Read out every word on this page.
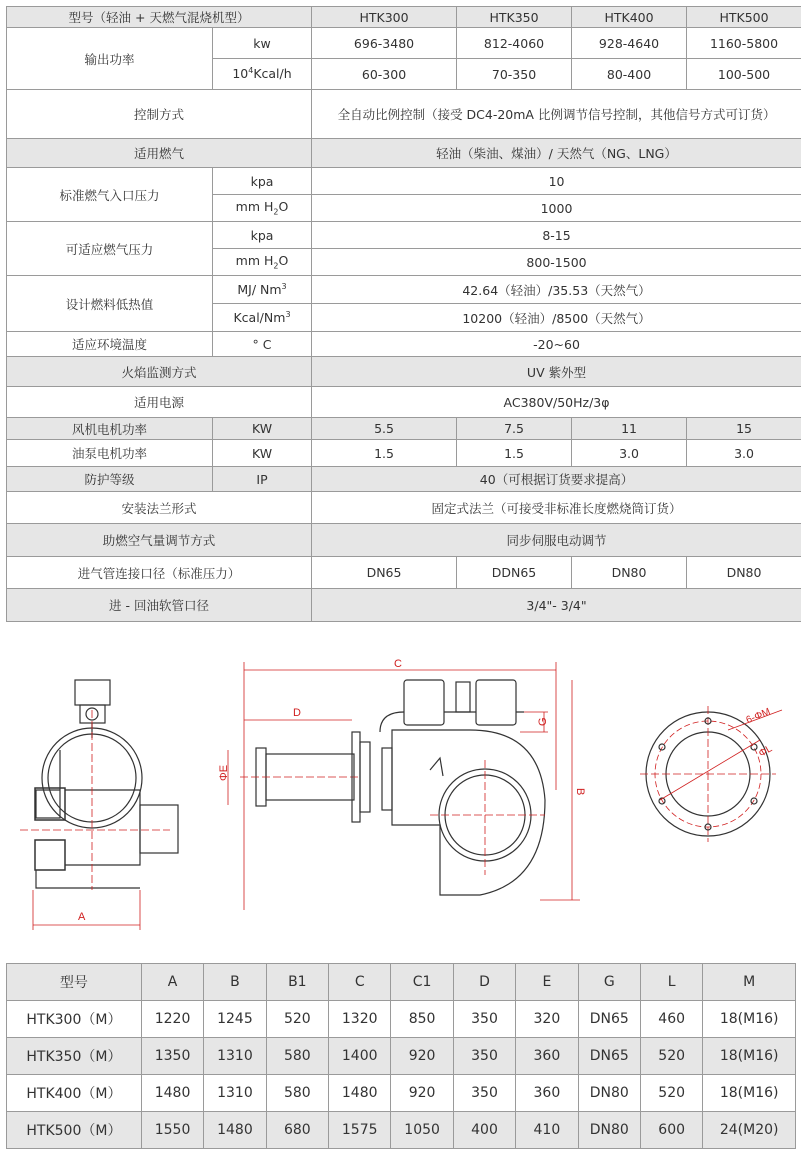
型号（轻油 + 天燃气混烧机型）		HTK300	HTK350	HTK400	HTK500
输出功率	kw	696-3480	812-4060	928-4640	1160-5800
	$10^4Kcal/h$	60-300	70-350	80-400	100-500
控制方式		全自动比例控制（接受 DC4-20mA 比例调节信号控制，其他信号方式可订货）			
适用燃气		轻油（柴油、煤油）/ 天然气（NG、LNG）			
标准燃气入口压力	kpa	10			
	mm $H_2O$	1000			
可适应燃气压力	kpa	8-15			
	mm $H_2O$	800-1500			
设计燃料低热值	MJ/ Nm$^3$	42.64（轻油）/35.53（天然气）			
	Kcal/Nm$^3$	10200（轻油）/8500（天然气）			
适应环境温度	° C	-20~60			
火焰监测方式		UV 紫外型			
适用电源		AC380V/50Hz/3φ			
风机电机功率	KW	5.5	7.5	11	15
油泵电机功率	KW	1.5	1.5	3.0	3.0
防护等级	IP	40（可根据订货要求提高）			
安装法兰形式		固定式法兰（可接受非标准长度燃烧筒订货）			
助燃空气量调节方式		同步伺服电动调节			
进气管连接口径（标准压力）		DN65	DDN65	DN80	DN80
进 - 回油软管口径		3/4"- 3/4"			
A
C
D
ΦE
B
G	6-ΦM
ΦL
型号	A	B	B1	C	C1	D	E	G	L	M
HTK300（M）	1220	1245	520	1320	850	350	320	DN65	460	18(M16)
HTK350（M）	1350	1310	580	1400	920	350	360	DN65	520	18(M16)
HTK400（M）	1480	1310	580	1480	920	350	360	DN80	520	18(M16)
HTK500（M）	1550	1480	680	1575	1050	400	410	DN80	600	24(M20)
